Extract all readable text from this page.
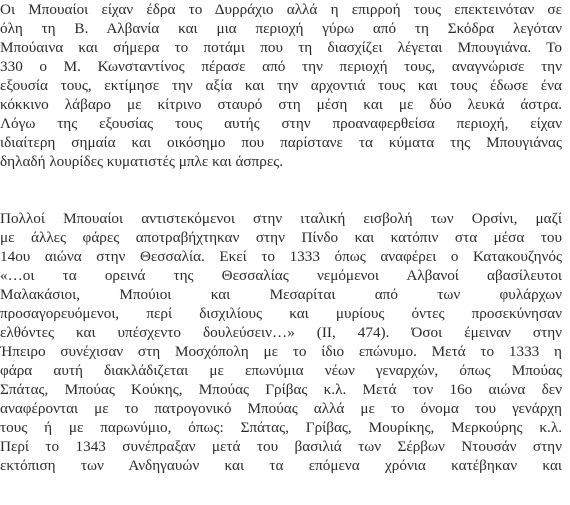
Οι Μπουαίοι είχαν έδρα το Δυρράχιο αλλά η επιρροή τους επεκτεινόταν σε
όλη τη Β. Αλβανία και μια περιοχή γύρω από τη Σκόδρα λεγόταν
Μπούαινα και σήμερα το ποτάμι που τη διασχίζει λέγεται Μπουγιάνα. Το
330 ο Μ. Κωνσταντίνος πέρασε από την περιοχή τους, αναγνώρισε την
εξουσία τους, εκτίμησε την αξία και την αρχοντιά τους και τους έδωσε ένα
κόκκινο λάβαρο με κίτρινο σταυρό στη μέση και με δύο λευκά άστρα.
Λόγω της εξουσίας τους αυτής στην προαναφερθείσα περιοχή, είχαν
ιδιαίτερη σημαία και οικόσημο που παρίστανε τα κύματα της Μπουγιάνας
δηλαδή λουρίδες κυματιστές μπλε και άσπρες.
Πολλοί Μπουαίοι αντιστεκόμενοι στην ιταλική εισβολή των Ορσίνι, μαζί
με άλλες φάρες αποτραβήχτηκαν στην Πίνδο και κατόπιν στα μέσα του
14ου αιώνα στην Θεσσαλία. Εκεί το 1333 όπως αναφέρει ο Κατακουζηνός
«…οι τα ορεινά της Θεσσαλίας νεμόμενοι Αλβανοί αβασίλευτοι
Μαλακάσιοι, Μπούιοι και Μεσαρίται από των φυλάρχων
προσαγορευόμενοι, περί δισχιλίους και μυρίους όντες προσεκύνησαν
ελθόντες και υπέσχεντο δουλεύσειν…» (ΙΙ, 474). Όσοι έμειναν στην
Ήπειρο συνέχισαν στη Μοσχόπολη με το ίδιο επώνυμο. Μετά το 1333 η
φάρα αυτή διακλάδιζεται με επωνύμια νέων γεναρχών, όπως Μπούας
Σπάτας, Μπούας Κούκης, Μπούας Γρίβας κ.λ. Μετά τον 16ο αιώνα δεν
αναφέρονται με το πατρογονικό Μπούας αλλά με το όνομα του γενάρχη
τους ή με παρωνύμιο, όπως: Σπάτας, Γρίβας, Μουρίκης, Μερκούρης κ.λ.
Περί το 1343 συνέπραξαν μετά του βασιλιά των Σέρβων Ντουσάν στην
εκτόπιση των Ανδηγαυών και τα επόμενα χρόνια κατέβηκαν και
